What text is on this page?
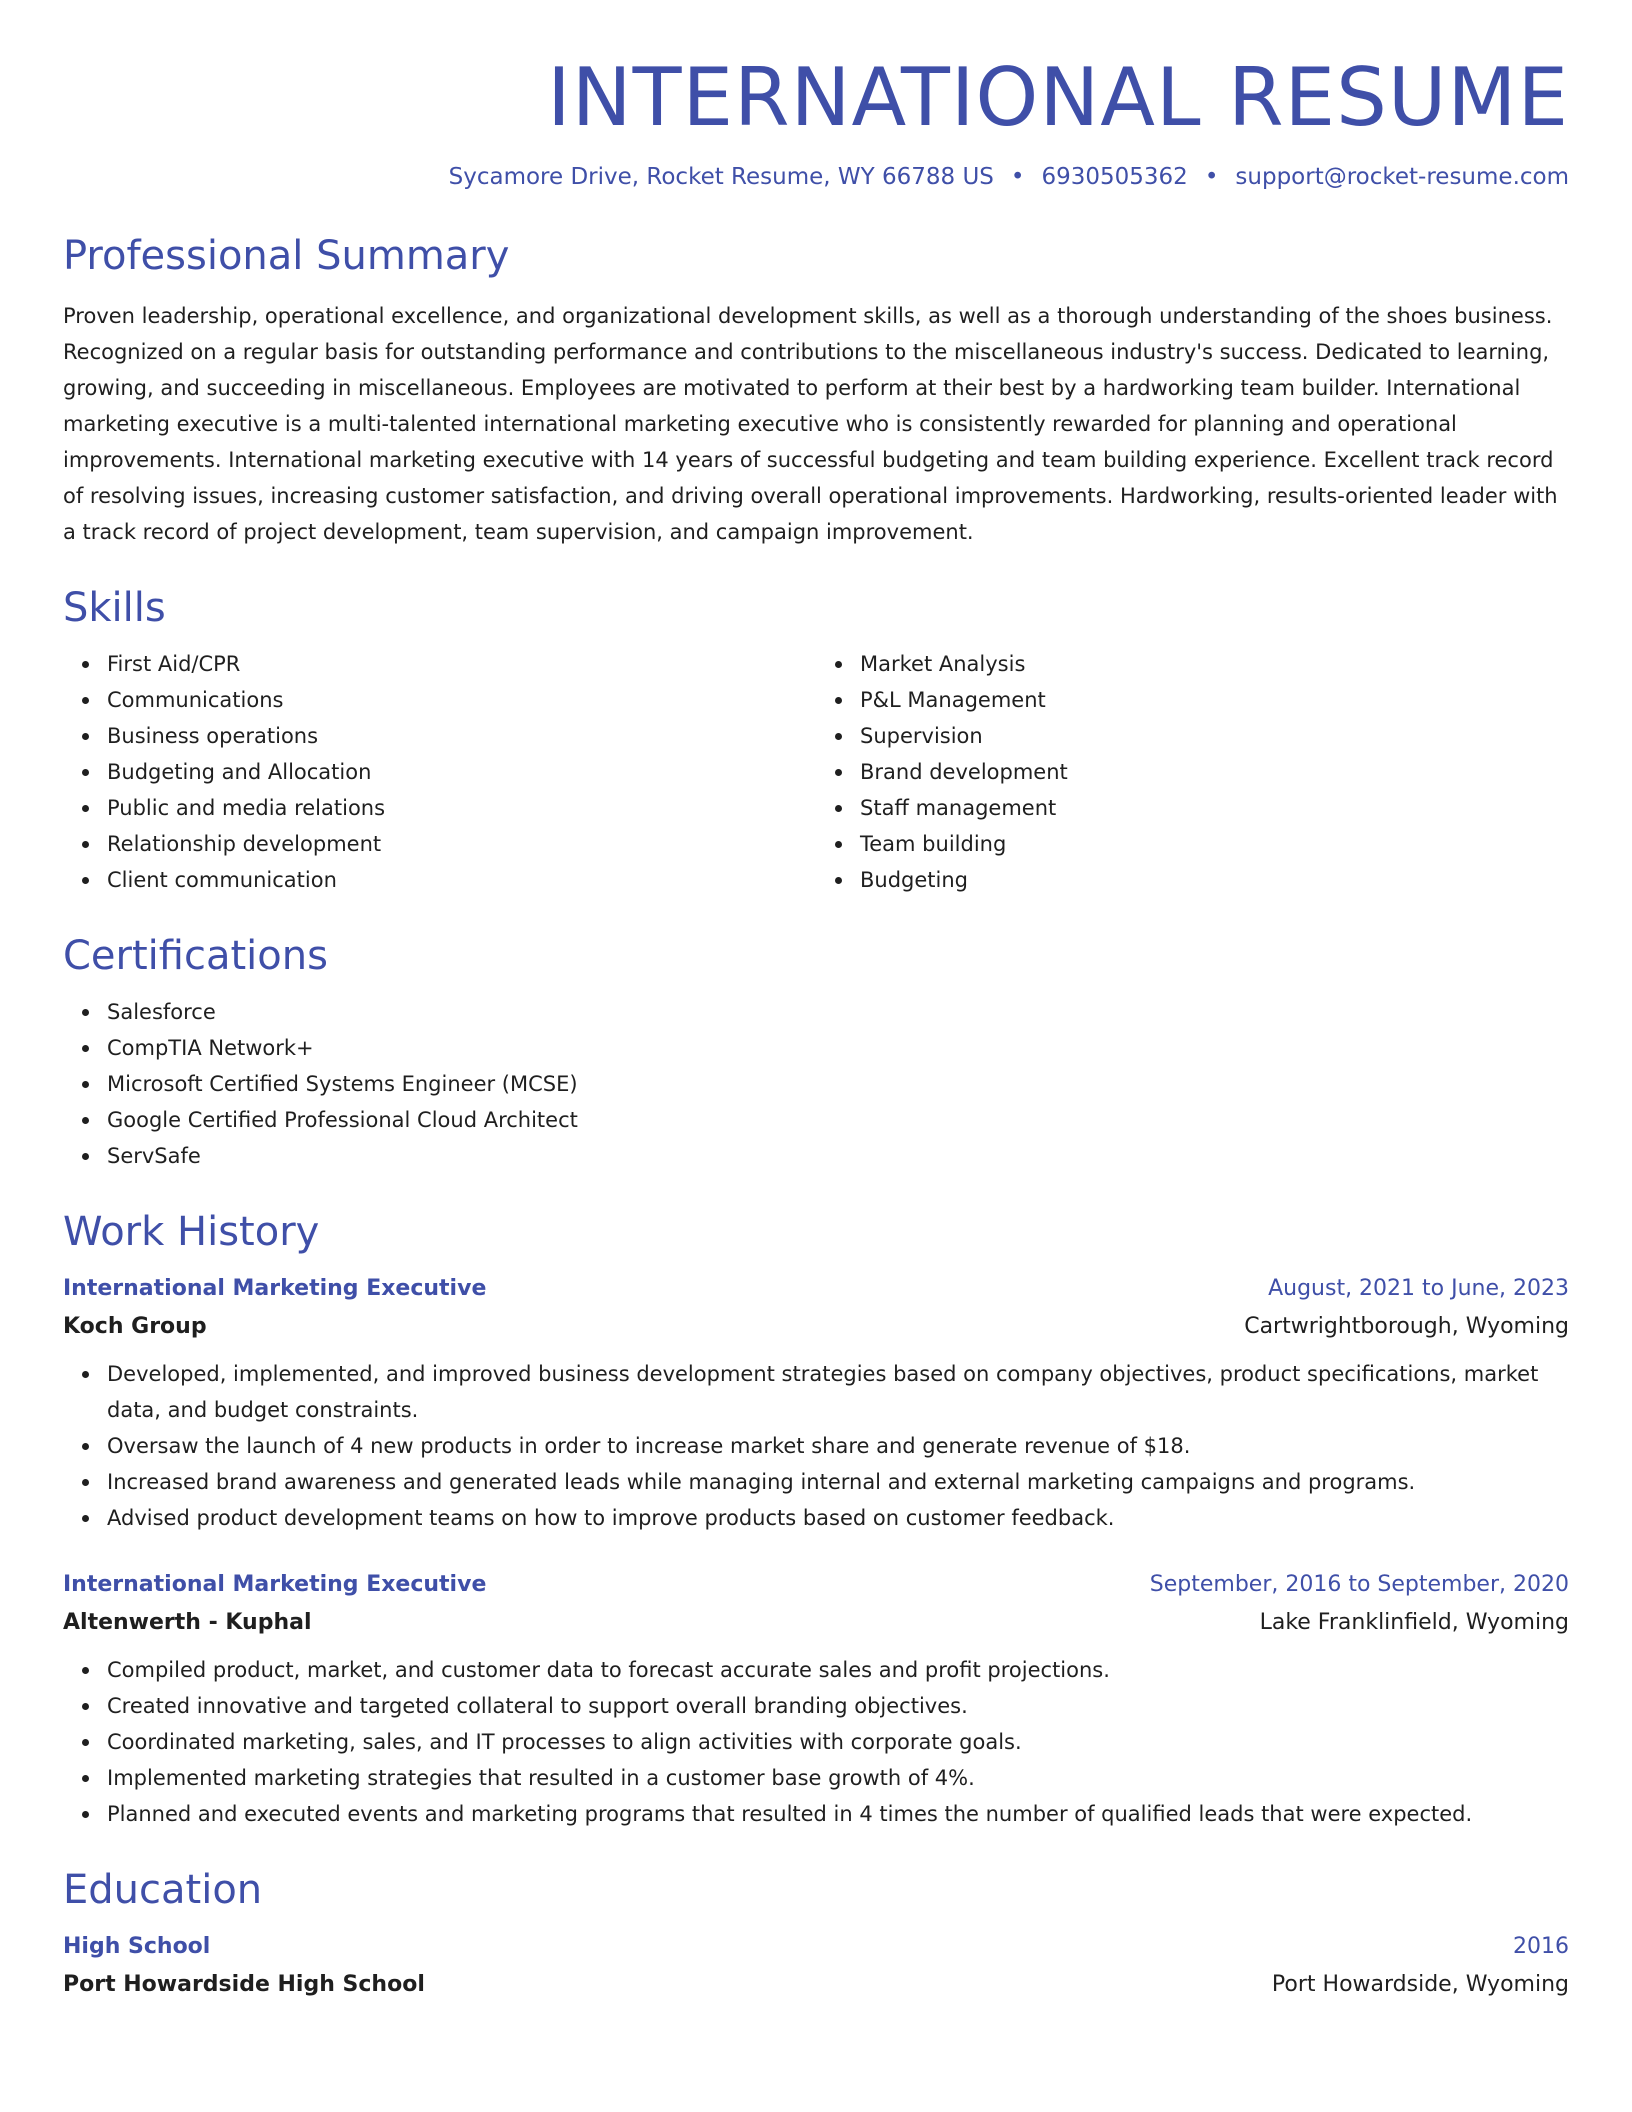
INTERNATIONAL RESUME
Sycamore Drive, Rocket Resume, WY 66788 US • 6930505362 • support@rocket-resume.com
Professional Summary
Proven leadership, operational excellence, and organizational development skills, as well as a thorough understanding of the shoes business. Recognized on a regular basis for outstanding performance and contributions to the miscellaneous industry's success. Dedicated to learning, growing, and succeeding in miscellaneous. Employees are motivated to perform at their best by a hardworking team builder. International marketing executive is a multi-talented international marketing executive who is consistently rewarded for planning and operational improvements. International marketing executive with 14 years of successful budgeting and team building experience. Excellent track record of resolving issues, increasing customer satisfaction, and driving overall operational improvements. Hardworking, results-oriented leader with a track record of project development, team supervision, and campaign improvement.
Skills
First Aid/CPR
Communications
Business operations
Budgeting and Allocation
Public and media relations
Relationship development
Client communication
Market Analysis
P&L Management
Supervision
Brand development
Staff management
Team building
Budgeting
Certifications
Salesforce
CompTIA Network+
Microsoft Certified Systems Engineer (MCSE)
Google Certified Professional Cloud Architect
ServSafe
Work History
International Marketing Executive	August, 2021 to June, 2023
Koch Group	Cartwrightborough, Wyoming
Developed, implemented, and improved business development strategies based on company objectives, product specifications, market data, and budget constraints.
Oversaw the launch of 4 new products in order to increase market share and generate revenue of $18.
Increased brand awareness and generated leads while managing internal and external marketing campaigns and programs.
Advised product development teams on how to improve products based on customer feedback.
International Marketing Executive	September, 2016 to September, 2020
Altenwerth - Kuphal	Lake Franklinfield, Wyoming
Compiled product, market, and customer data to forecast accurate sales and profit projections.
Created innovative and targeted collateral to support overall branding objectives.
Coordinated marketing, sales, and IT processes to align activities with corporate goals.
Implemented marketing strategies that resulted in a customer base growth of 4%.
Planned and executed events and marketing programs that resulted in 4 times the number of qualified leads that were expected.
Education
High School	2016
Port Howardside High School	Port Howardside, Wyoming
